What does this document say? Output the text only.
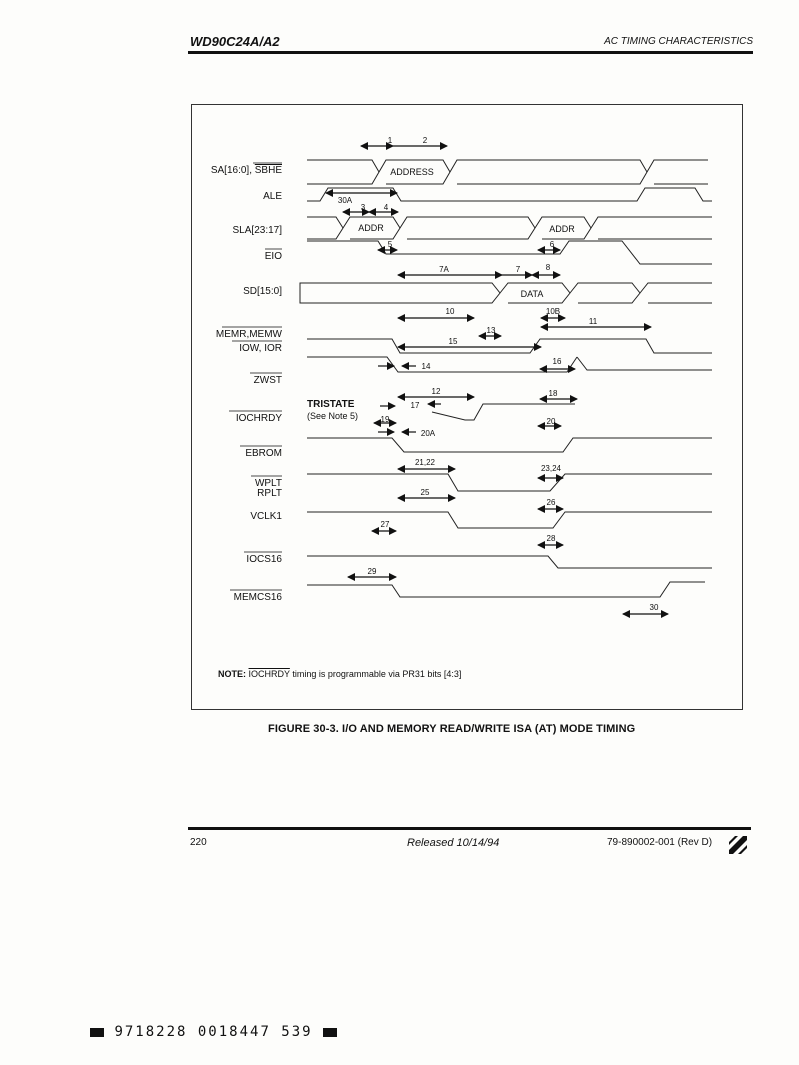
WD90C24A/A2	AC TIMING CHARACTERISTICS
SA[16:0], SBHE
ALE
SLA[23:17]
EIO
SD[15:0]
MEMR,MEMW
IOW, IOR
ZWST
IOCHRDY
EBROM
WPLT
RPLT
VCLK1
IOCS16
MEMCS16
ADDRESS
ADDR	ADDR
DATA
TRISTATE
(See Note 5)
1	2
30A
3 4
5	6
7A	7	8
10	10B
11
13
15
16
14
12	18
17
19	20
20A
21,22
23,24
25
26
27
28
29
30
NOTE: IOCHRDY timing is programmable via PR31 bits [4:3]
FIGURE 30-3. I/O AND MEMORY READ/WRITE ISA (AT) MODE TIMING
220	Released 10/14/94	79-890002-001 (Rev D)
9718228 0018447 539
